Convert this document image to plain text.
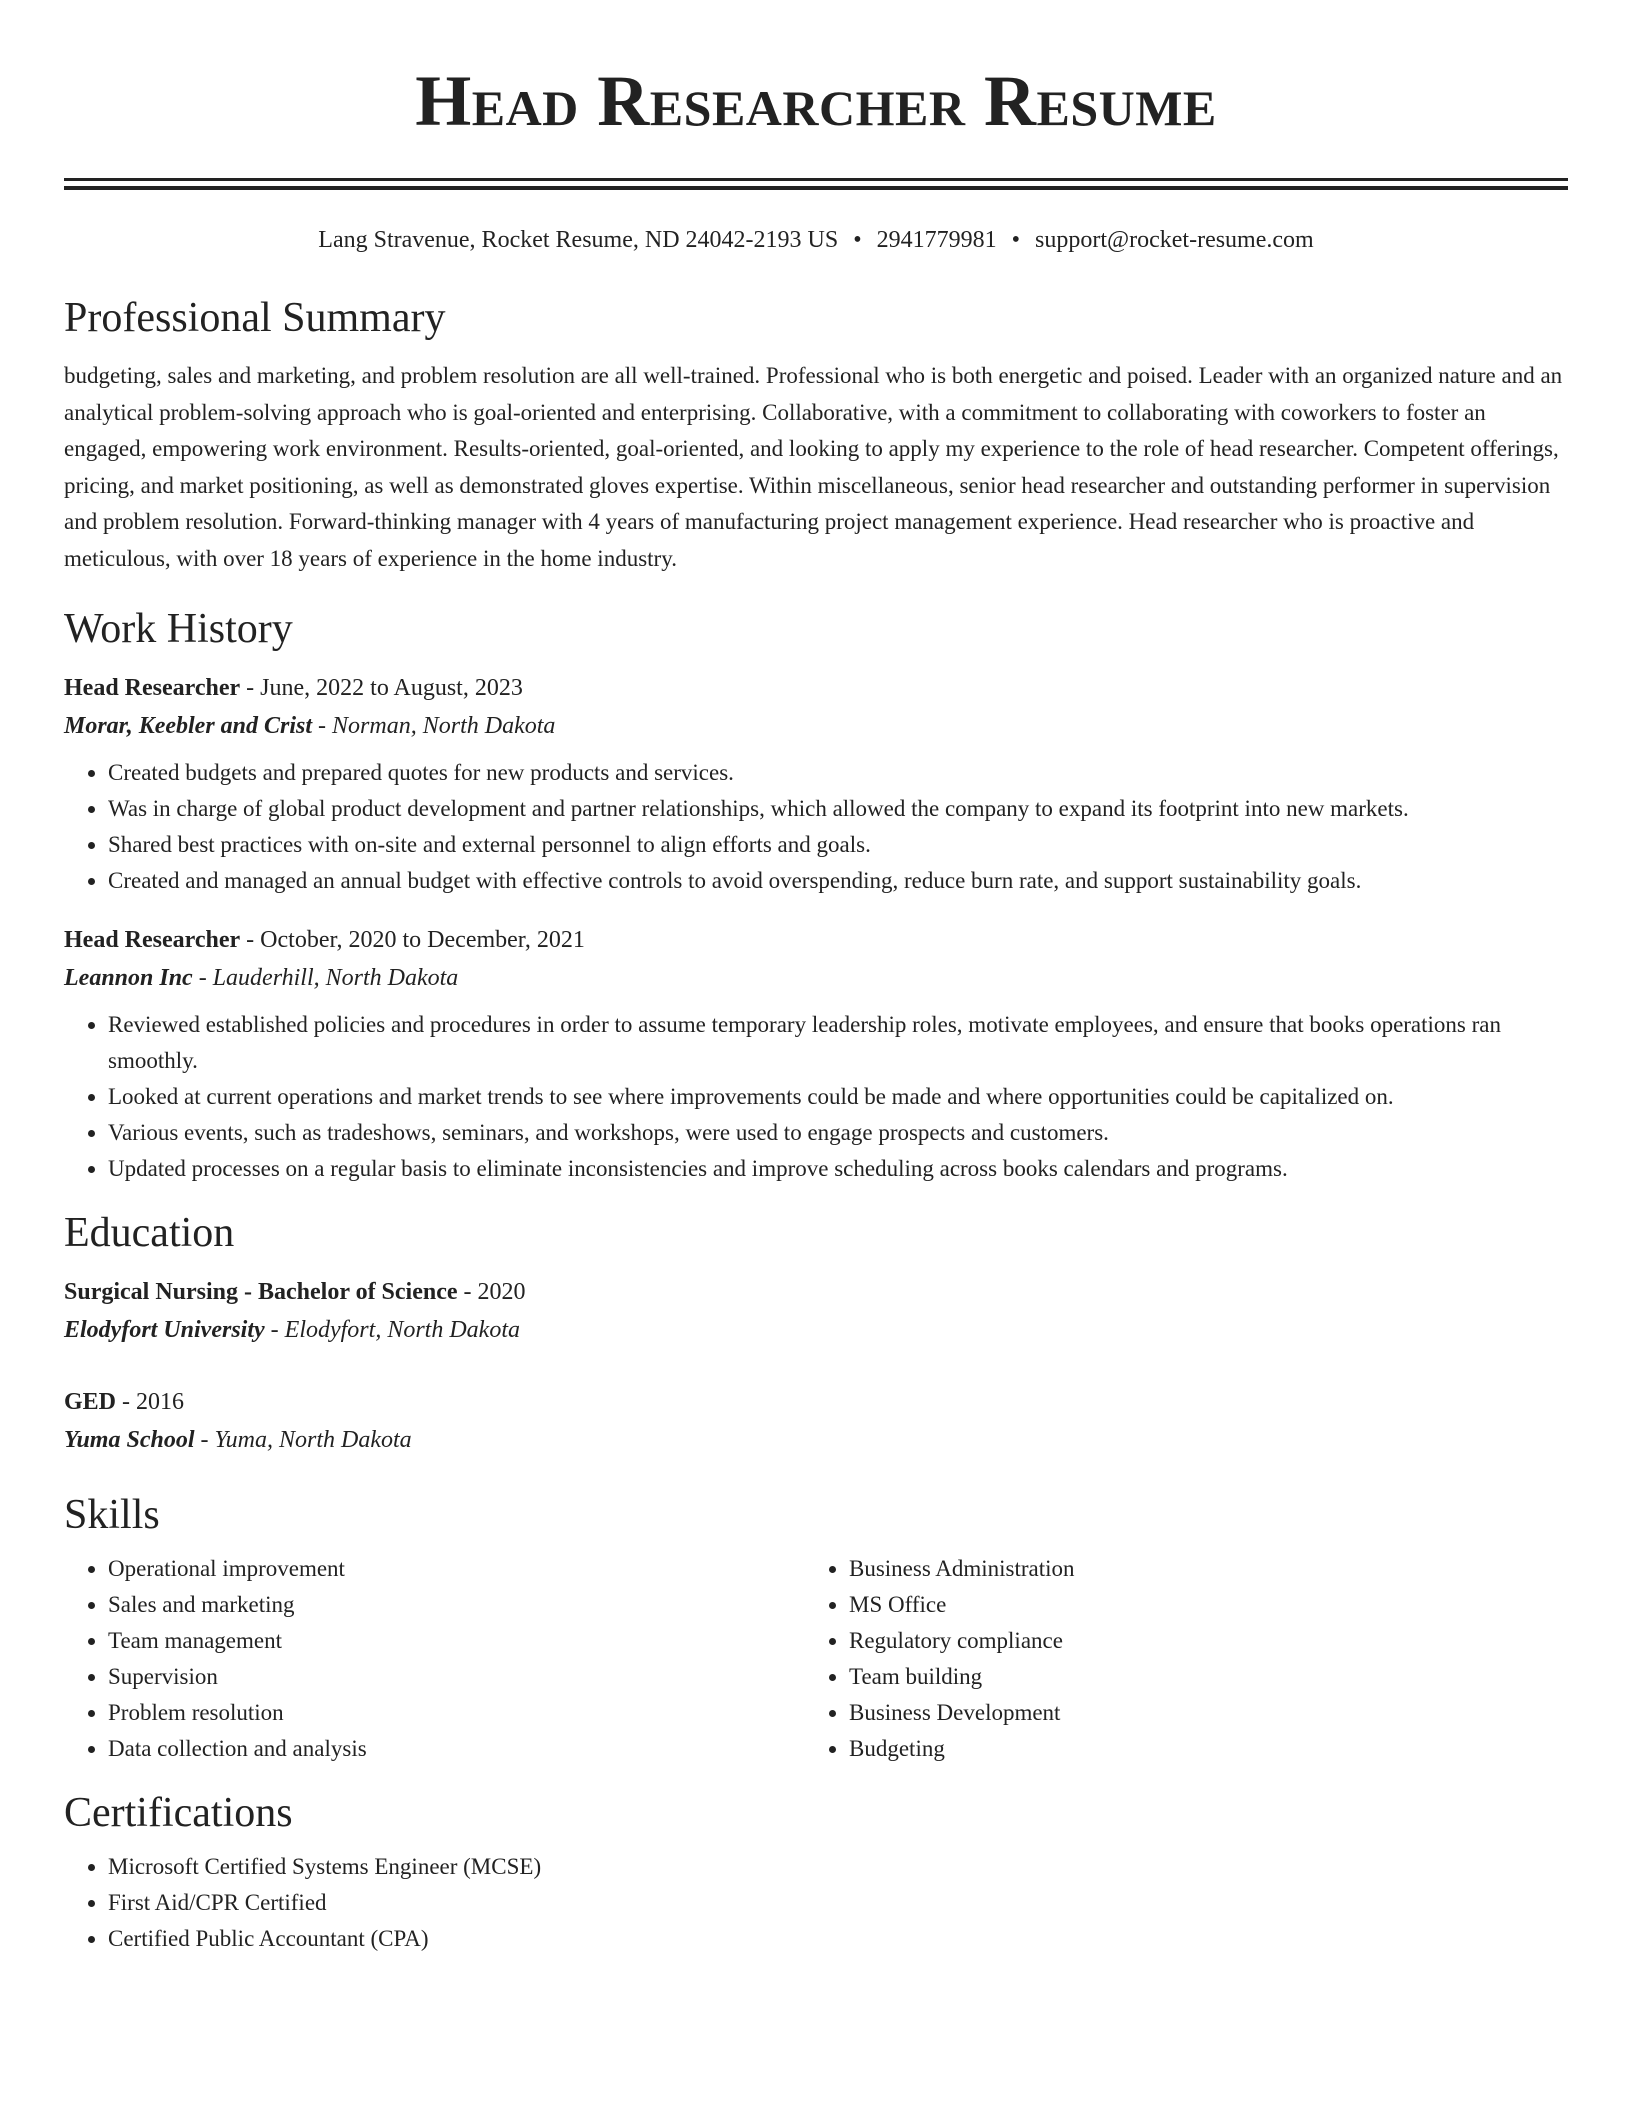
Head Researcher Resume
Lang Stravenue, Rocket Resume, ND 24042-2193 US • 2941779981 • support@rocket-resume.com
Professional Summary

budgeting, sales and marketing, and problem resolution are all well-trained. Professional who is both energetic and poised. Leader with an organized nature and an analytical problem-solving approach who is goal-oriented and enterprising. Collaborative, with a commitment to collaborating with coworkers to foster an engaged, empowering work environment. Results-oriented, goal-oriented, and looking to apply my experience to the role of head researcher. Competent offerings, pricing, and market positioning, as well as demonstrated gloves expertise. Within miscellaneous, senior head researcher and outstanding performer in supervision and problem resolution. Forward-thinking manager with 4 years of manufacturing project management experience. Head researcher who is proactive and meticulous, with over 18 years of experience in the home industry.

Work History
Head Researcher - June, 2022 to August, 2023
Morar, Keebler and Crist - Norman, North Dakota
• Created budgets and prepared quotes for new products and services.
• Was in charge of global product development and partner relationships, which allowed the company to expand its footprint into new markets.
• Shared best practices with on-site and external personnel to align efforts and goals.
• Created and managed an annual budget with effective controls to avoid overspending, reduce burn rate, and support sustainability goals.
Head Researcher - October, 2020 to December, 2021
Leannon Inc - Lauderhill, North Dakota
• Reviewed established policies and procedures in order to assume temporary leadership roles, motivate employees, and ensure that books operations ran smoothly.
• Looked at current operations and market trends to see where improvements could be made and where opportunities could be capitalized on.
• Various events, such as tradeshows, seminars, and workshops, were used to engage prospects and customers.
• Updated processes on a regular basis to eliminate inconsistencies and improve scheduling across books calendars and programs.
Education
Surgical Nursing - Bachelor of Science - 2020
Elodyfort University - Elodyfort, North Dakota
GED - 2016
Yuma School - Yuma, North Dakota
Skills
• Operational improvement
• Sales and marketing
• Team management
• Supervision
• Problem resolution
• Data collection and analysis
• Business Administration
• MS Office
• Regulatory compliance
• Team building
• Business Development
• Budgeting
Certifications
• Microsoft Certified Systems Engineer (MCSE)
• First Aid/CPR Certified
• Certified Public Accountant (CPA)
